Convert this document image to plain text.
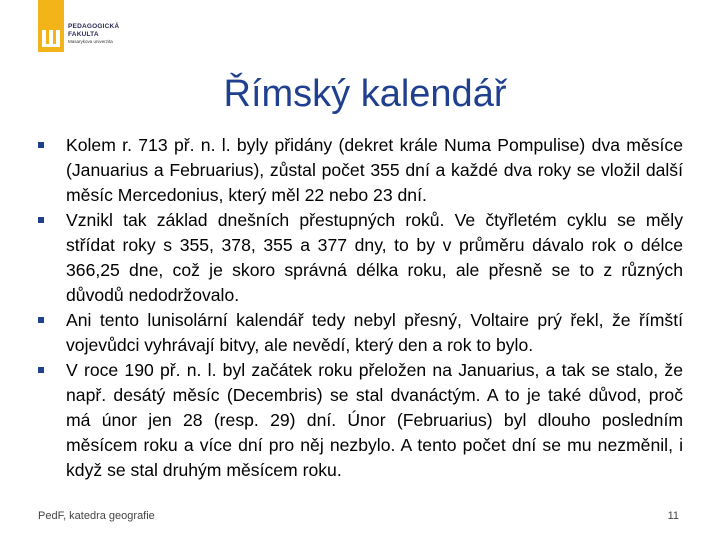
PEDAGOGICKÁ
FAKULTA
Masarykova univerzita
Římský kalendář
Kolem r. 713 př. n. l. byly přidány (dekret krále Numa Pompulise) dva měsíce (Januarius a Februarius), zůstal počet 355 dní a každé dva roky se vložil další měsíc Mercedonius, který měl 22 nebo 23 dní.
Vznikl tak základ dnešních přestupných roků. Ve čtyřletém cyklu se měly střídat roky s 355, 378, 355 a 377 dny, to by v průměru dávalo rok o délce 366,25 dne, což je skoro správná délka roku, ale přesně se to z různých důvodů nedodržovalo.
Ani tento lunisolární kalendář tedy nebyl přesný, Voltaire prý řekl, že římští vojevůdci vyhrávají bitvy, ale nevědí, který den a rok to bylo.
V roce 190 př. n. l. byl začátek roku přeložen na Januarius, a tak se stalo, že např. desátý měsíc (Decembris) se stal dvanáctým. A to je také důvod, proč má únor jen 28 (resp. 29) dní. Únor (Februarius) byl dlouho posledním měsícem roku a více dní pro něj nezbylo. A tento počet dní se mu nezměnil, i když se stal druhým měsícem roku.
PedF, katedra geografie	11
